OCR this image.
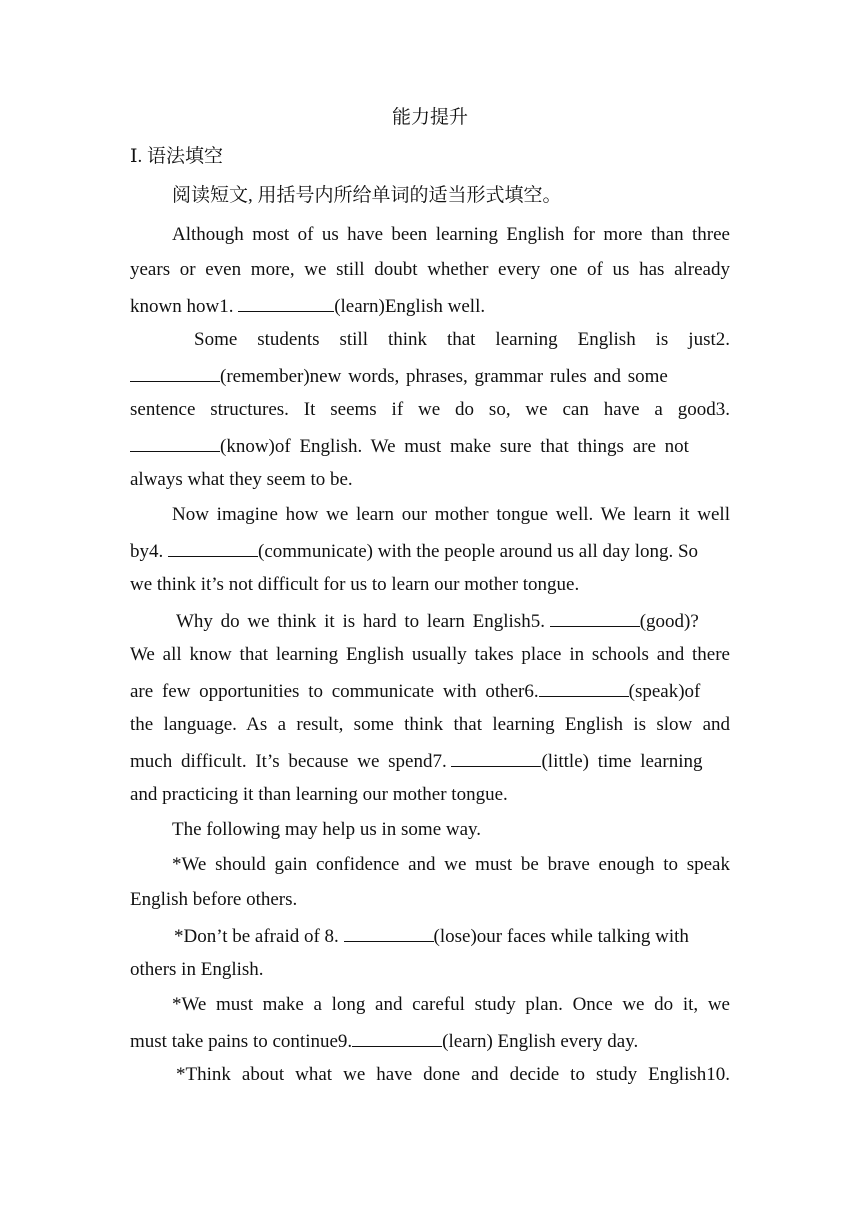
能力提升
Ⅰ. 语法填空
阅读短文, 用括号内所给单词的适当形式填空。
Although most of us have been learning English for more than three
years or even more, we still doubt whether every one of us has already
known how1.	(learn)English well.
Some students still think that learning English is just2.
(remember)new words, phrases, grammar rules and some
sentence structures. It seems if we do so, we can have a good3.
(know)of English. We must make sure that things are not
always what they seem to be.
Now imagine how we learn our mother tongue well. We learn it well
by4.	(communicate) with the people around us all day long. So
we think it’s not difficult for us to learn our mother tongue.
Why do we think it is hard to learn English5.	(good)?
We all know that learning English usually takes place in schools and there
are few opportunities to communicate with other6.	(speak)of
the language. As a result, some think that learning English is slow and
much difficult. It’s because we spend7.	(little) time learning
and practicing it than learning our mother tongue.
The following may help us in some way.
*We should gain confidence and we must be brave enough to speak
English before others.
*Don’t be afraid of 8.	(lose)our faces while talking with
others in English.
*We must make a long and careful study plan. Once we do it, we
must take pains to continue9.	(learn) English every day.
*Think about what we have done and decide to study English10.
